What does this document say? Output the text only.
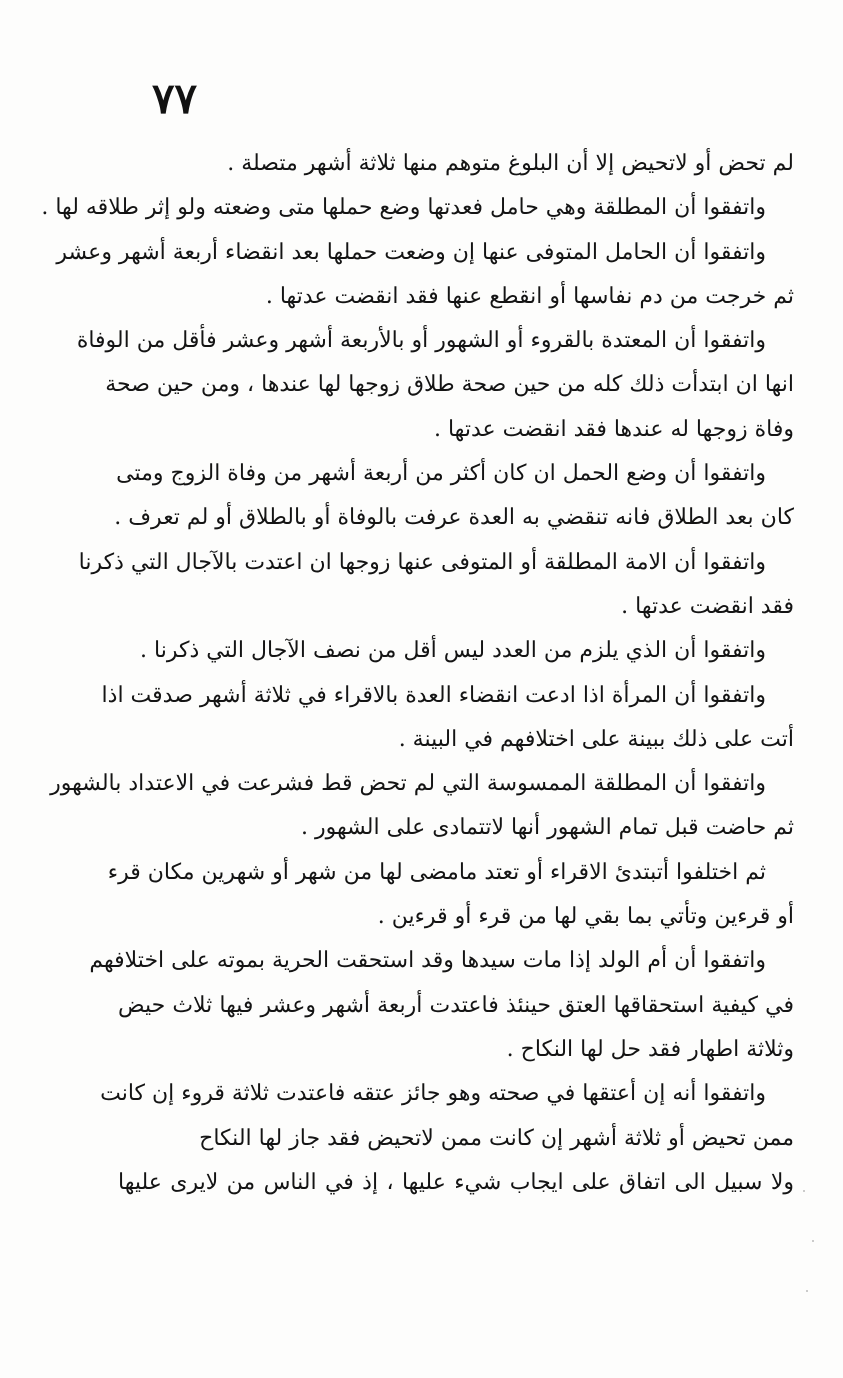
٧٧
لم تحض أو لاتحيض إلا أن البلوغ متوهم منها ثلاثة أشهر متصلة .
واتفقوا أن المطلقة وهي حامل فعدتها وضع حملها متى وضعته ولو إثر طلاقه لها .
واتفقوا أن الحامل المتوفى عنها إن وضعت حملها بعد انقضاء أربعة أشهر وعشر
ثم خرجت من دم نفاسها أو انقطع عنها فقد انقضت عدتها .
واتفقوا أن المعتدة بالقروء أو الشهور أو بالأربعة أشهر وعشر فأقل من الوفاة
انها ان ابتدأت ذلك كله من حين صحة طلاق زوجها لها عندها ، ومن حين صحة
وفاة زوجها له عندها فقد انقضت عدتها .
واتفقوا أن وضع الحمل ان كان أكثر من أربعة أشهر من وفاة الزوج ومتى
كان بعد الطلاق فانه تنقضي به العدة عرفت بالوفاة أو بالطلاق أو لم تعرف .
واتفقوا أن الامة المطلقة أو المتوفى عنها زوجها ان اعتدت بالآجال التي ذكرنا
فقد انقضت عدتها .
واتفقوا أن الذي يلزم من العدد ليس أقل من نصف الآجال التي ذكرنا .
واتفقوا أن المرأة اذا ادعت انقضاء العدة بالاقراء في ثلاثة أشهر صدقت اذا
أتت على ذلك ببينة على اختلافهم في البينة .
واتفقوا أن المطلقة الممسوسة التي لم تحض قط فشرعت في الاعتداد بالشهور
ثم حاضت قبل تمام الشهور أنها لاتتمادى على الشهور .
ثم اختلفوا أتبتدئ الاقراء أو تعتد مامضى لها من شهر أو شهرين مكان قرء
أو قرءين وتأتي بما بقي لها من قرء أو قرءين .
واتفقوا أن أم الولد إذا مات سيدها وقد استحقت الحرية بموته على اختلافهم
في كيفية استحقاقها العتق حينئذ فاعتدت أربعة أشهر وعشر فيها ثلاث حيض
وثلاثة اطهار فقد حل لها النكاح .
واتفقوا أنه إن أعتقها في صحته وهو جائز عتقه فاعتدت ثلاثة قروء إن كانت
ممن تحيض أو ثلاثة أشهر إن كانت ممن لاتحيض فقد جاز لها النكاح
ولا سبيل الى اتفاق على ايجاب شيء عليها ، إذ في الناس من لايرى عليها
